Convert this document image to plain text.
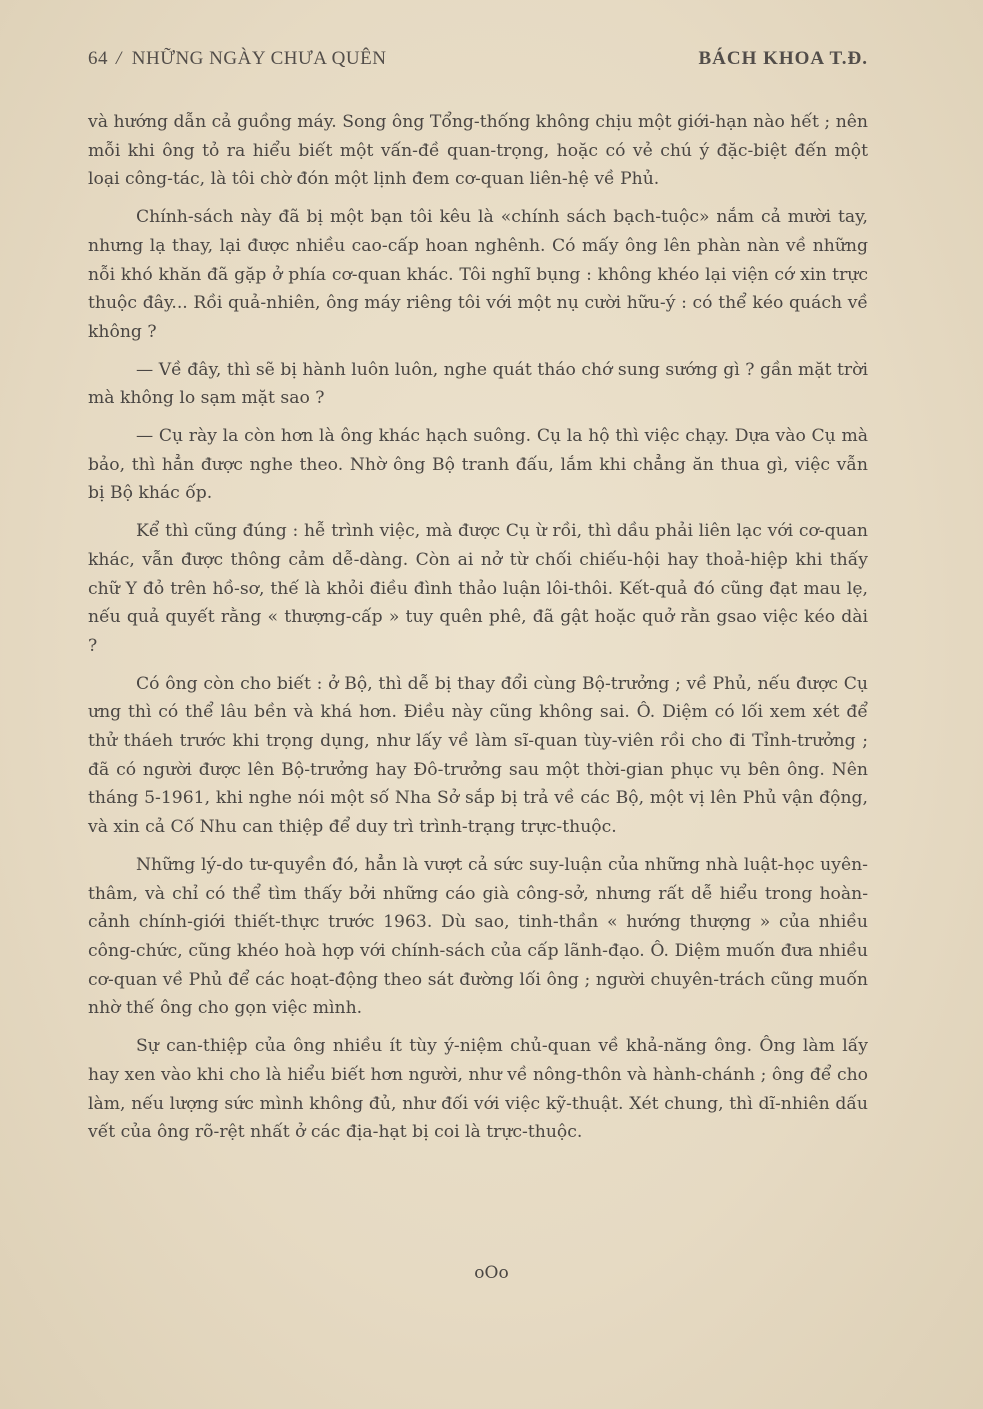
64 / NHỮNG NGÀY CHƯA QUÊN	BÁCH KHOA T.Đ.

và hướng dẫn cả guồng máy. Song ông Tổng-thống không chịu một giới-hạn nào hết ; nên mỗi khi ông tỏ ra hiểu biết một vấn-đề quan-trọng, hoặc có vẻ chú ý đặc-biệt đến một loại công-tác, là tôi chờ đón một lịnh đem cơ-quan liên-hệ về Phủ.

Chính-sách này đã bị một bạn tôi kêu là «chính sách bạch-tuộc» nắm cả mười tay, nhưng lạ thay, lại được nhiều cao-cấp hoan nghênh. Có mấy ông lên phàn nàn về những nỗi khó khăn đã gặp ở phía cơ-quan khác. Tôi nghĩ bụng : không khéo lại viện cớ xin trực thuộc đây... Rồi quả-nhiên, ông máy riêng tôi với một nụ cười hữu-ý : có thể kéo quách về không ?

— Về đây, thì sẽ bị hành luôn luôn, nghe quát tháo chớ sung sướng gì ? gần mặt trời mà không lo sạm mặt sao ?

— Cụ rày la còn hơn là ông khác hạch suông. Cụ la hộ thì việc chạy. Dựa vào Cụ mà bảo, thì hẳn được nghe theo. Nhờ ông Bộ tranh đấu, lắm khi chẳng ăn thua gì, việc vẫn bị Bộ khác ốp.

Kể thì cũng đúng : hễ trình việc, mà được Cụ ừ rồi, thì dầu phải liên lạc với cơ-quan khác, vẫn được thông cảm dễ-dàng. Còn ai nở từ chối chiếu-hội hay thoả-hiệp khi thấy chữ Y đỏ trên hồ-sơ, thế là khỏi điều đình thảo luận lôi-thôi. Kết-quả đó cũng đạt mau lẹ, nếu quả quyết rằng « thượng-cấp » tuy quên phê, đã gật hoặc quở rằn gsao việc kéo dài ?

Có ông còn cho biết : ở Bộ, thì dễ bị thay đổi cùng Bộ-trưởng ; về Phủ, nếu được Cụ ưng thì có thể lâu bền và khá hơn. Điều này cũng không sai. Ô. Diệm có lối xem xét để thử tháeh trước khi trọng dụng, như lấy về làm sĩ-quan tùy-viên rồi cho đi Tỉnh-trưởng ; đã có người được lên Bộ-trưởng hay Đô-trưởng sau một thời-gian phục vụ bên ông. Nên tháng 5-1961, khi nghe nói một số Nha Sở sắp bị trả về các Bộ, một vị lên Phủ vận động, và xin cả Cố Nhu can thiệp để duy trì trình-trạng trực-thuộc.

Những lý-do tư-quyền đó, hẳn là vượt cả sức suy-luận của những nhà luật-học uyên-thâm, và chỉ có thể tìm thấy bởi những cáo già công-sở, nhưng rất dễ hiểu trong hoàn-cảnh chính-giới thiết-thực trước 1963. Dù sao, tinh-thần « hướng thượng » của nhiều công-chức, cũng khéo hoà hợp với chính-sách của cấp lãnh-đạo. Ô. Diệm muốn đưa nhiều cơ-quan về Phủ để các hoạt-động theo sát đường lối ông ; người chuyên-trách cũng muốn nhờ thế ông cho gọn việc mình.

Sự can-thiệp của ông nhiều ít tùy ý-niệm chủ-quan về khả-năng ông. Ông làm lấy hay xen vào khi cho là hiểu biết hơn người, như về nông-thôn và hành-chánh ; ông để cho làm, nếu lượng sức mình không đủ, như đối với việc kỹ-thuật. Xét chung, thì dĩ-nhiên dấu vết của ông rõ-rệt nhất ở các địa-hạt bị coi là trực-thuộc.

oOo
